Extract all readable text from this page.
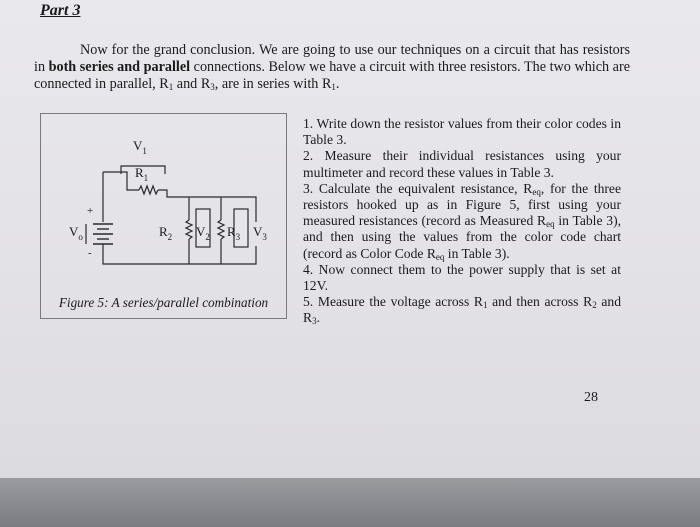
Part 3

Now for the grand conclusion. We are going to use our techniques on a circuit that has resistors in both series and parallel connections. Below we have a circuit with three resistors. The two which are connected in parallel, $R_1$ and $R_3$, are in series with $R_1$.

$V_1$
$R_1$
$V_o$
+
-
$R_2$ $V_2$ $R_3$ $V_3$
Figure 5: A series/parallel combination
1. Write down the resistor values from their color codes in Table 3.
2. Measure their individual resistances using your multimeter and record these values in Table 3.
3. Calculate the equivalent resistance, $R_{eq}$, for the three resistors hooked up as in Figure 5, first using your measured resistances (record as Measured $R_{eq}$ in Table 3), and then using the values from the color code chart (record as Color Code $R_{eq}$ in Table 3).
4. Now connect them to the power supply that is set at 12V.
5. Measure the voltage across $R_1$ and then across $R_2$ and $R_3$.
28
